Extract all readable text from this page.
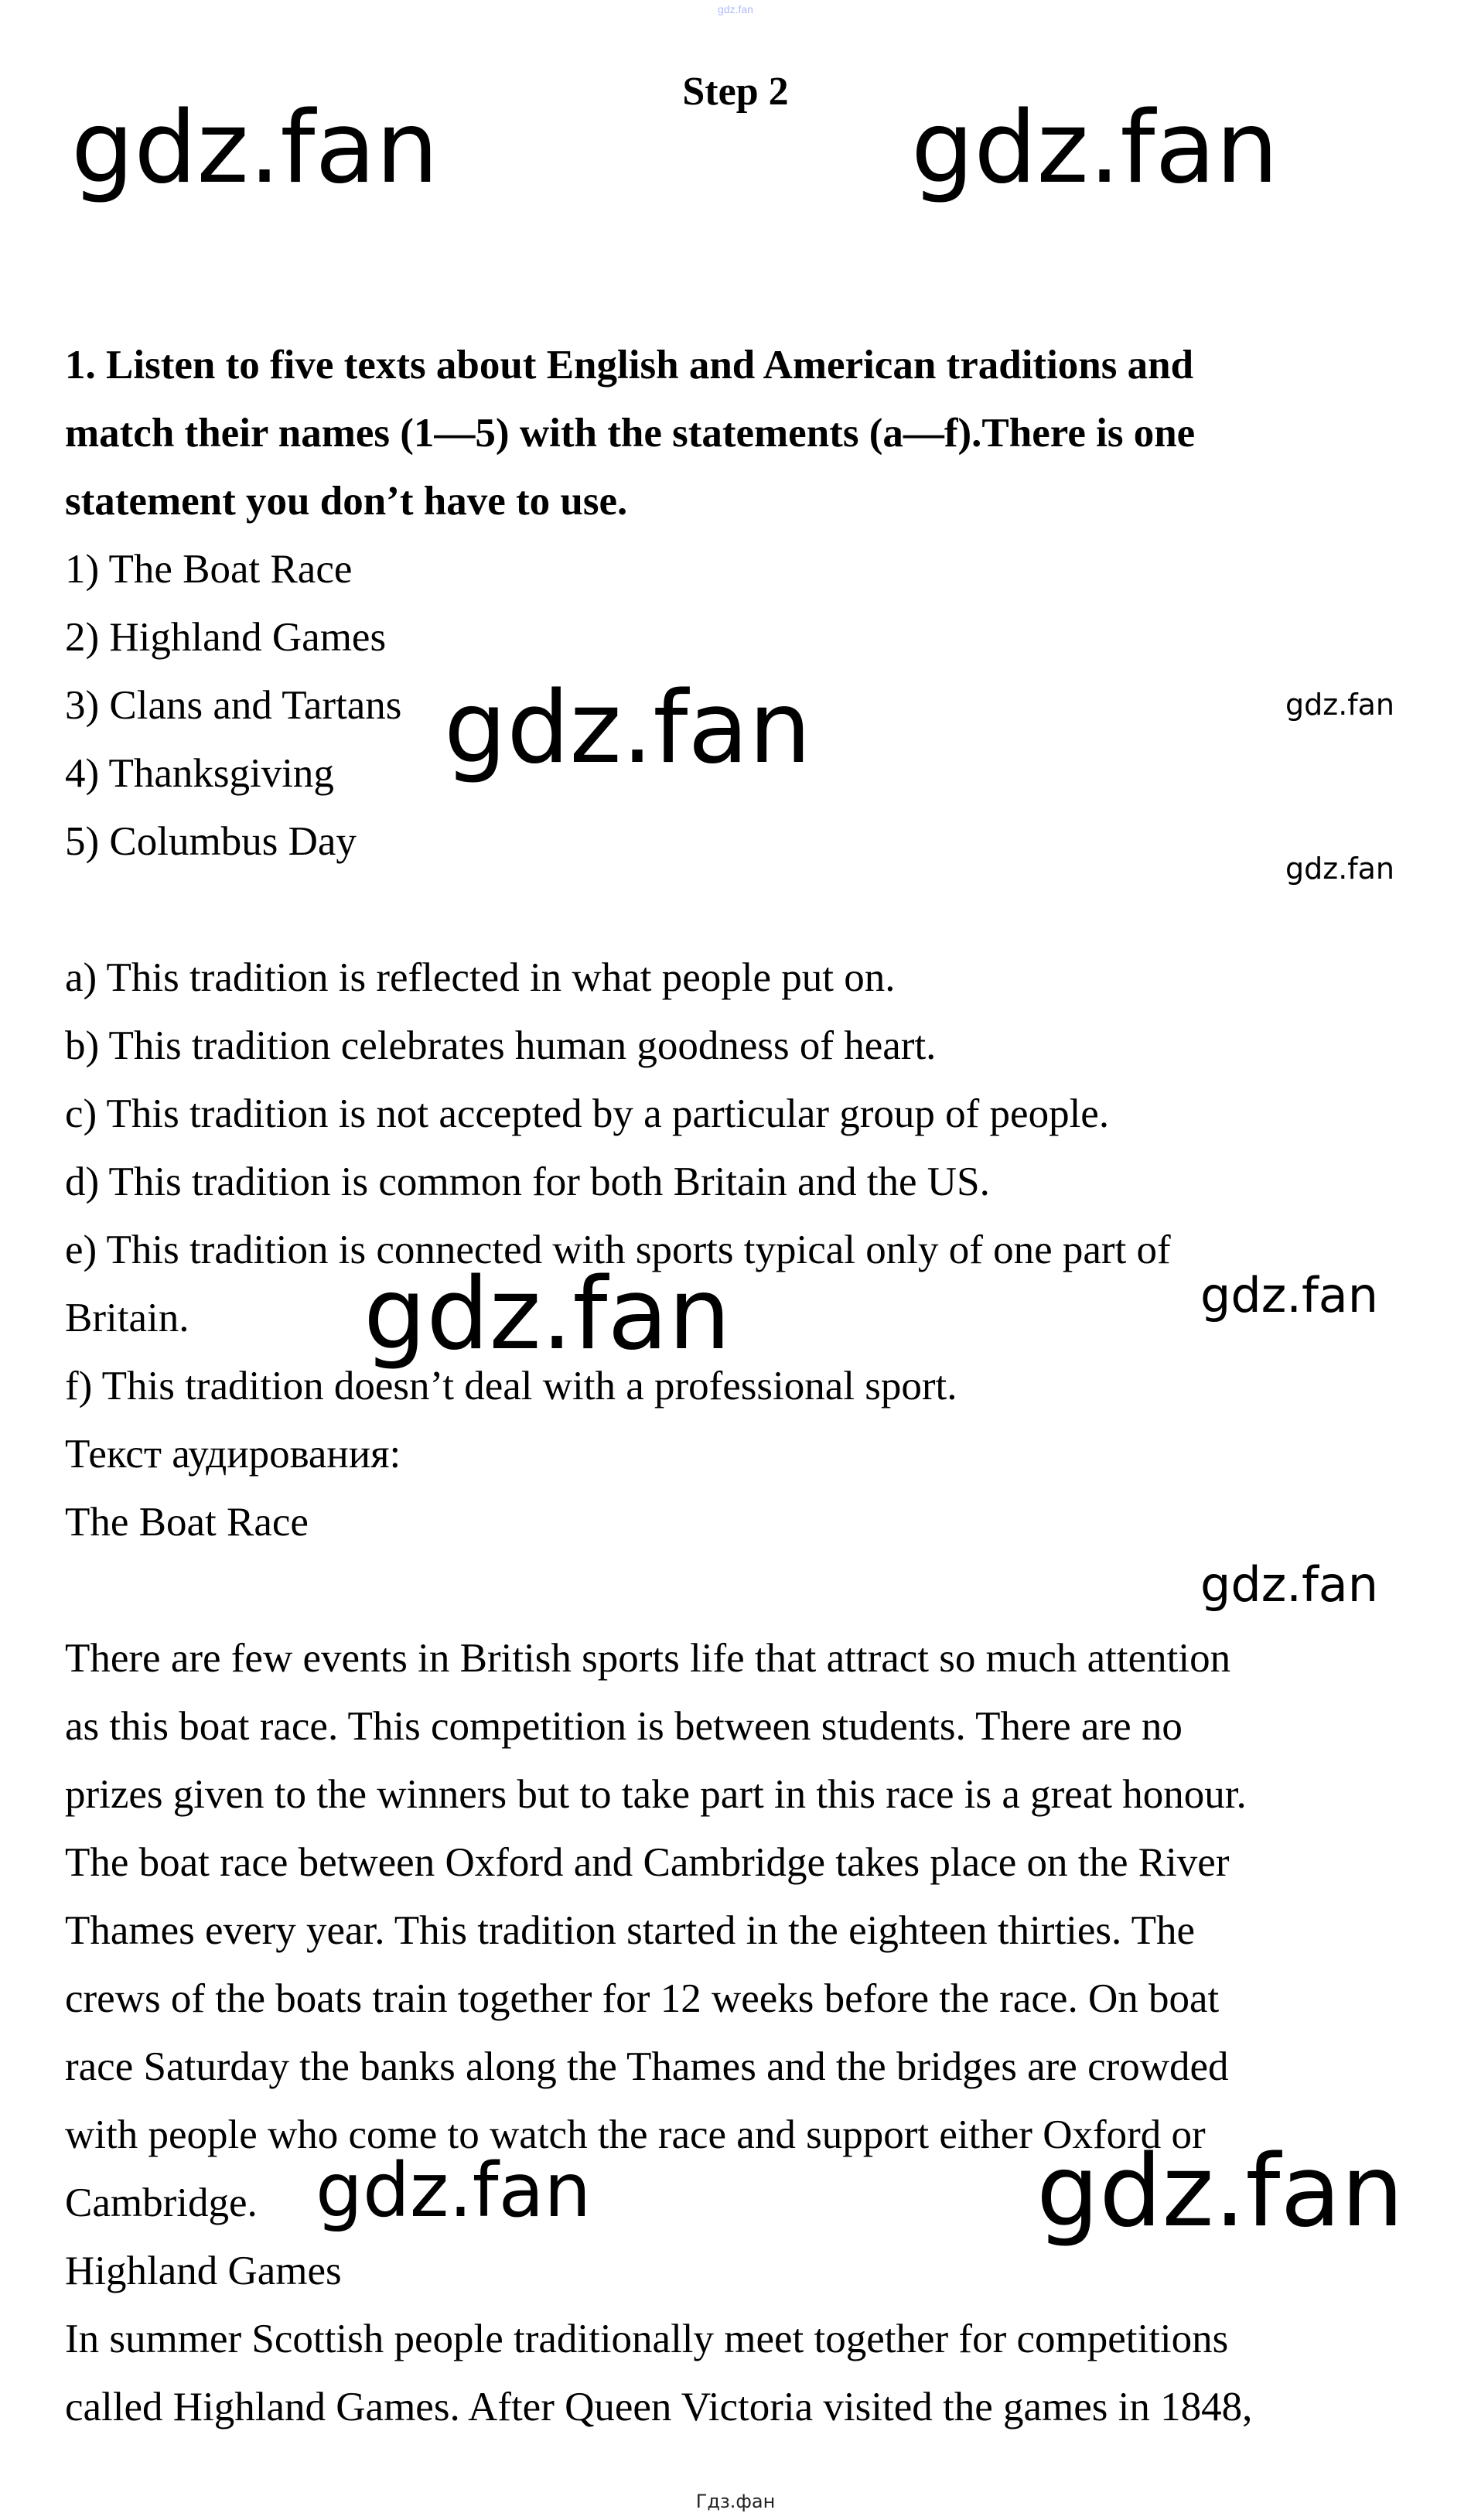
gdz.fan
Step 2
1. Listen to five texts about English and American traditions and
match their names (1—5) with the statements (a—f).There is one
statement you don’t have to use.
1) The Boat Race
2) Highland Games
3) Clans and Tartans
4) Thanksgiving
5) Columbus Day
a) This tradition is reflected in what people put on.
b) This tradition celebrates human goodness of heart.
c) This tradition is not accepted by a particular group of people.
d) This tradition is common for both Britain and the US.
e) This tradition is connected with sports typical only of one part of
Britain.
f) This tradition doesn’t deal with a professional sport.
Текст аудирования:
The Boat Race
There are few events in British sports life that attract so much attention
as this boat race. This competition is between students. There are no
prizes given to the winners but to take part in this race is a great honour.
The boat race between Oxford and Cambridge takes place on the River
Thames every year. This tradition started in the eighteen thirties. The
crews of the boats train together for 12 weeks before the race. On boat
race Saturday the banks along the Thames and the bridges are crowded
with people who come to watch the race and support either Oxford or
Cambridge.
Highland Games
In summer Scottish people traditionally meet together for competitions
called Highland Games. After Queen Victoria visited the games in 1848,
gdz.fan	gdz.fan
gdz.fan	gdz.fan
gdz.fan
gdz.fan	gdz.fan
gdz.fan
gdz.fan	gdz.fan
Гдз.фан
